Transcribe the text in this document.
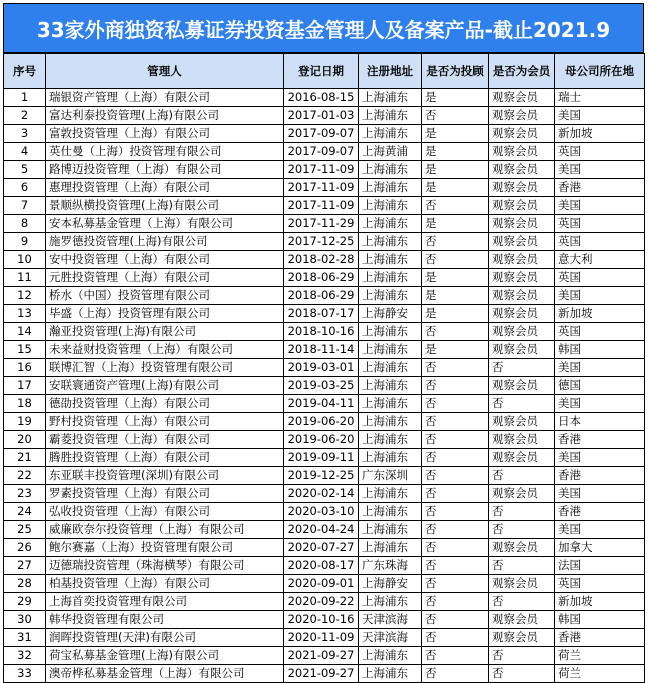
33家外商独资私募证券投资基金管理人及备案产品-截止2021.9
序号	管理人	登记日期	注册地址	是否为投顾	是否为会员	母公司所在地
1	瑞银资产管理（上海）有限公司	2016-08-15	上海浦东	是	观察会员	瑞士
2	富达利泰投资管理(上海)有限公司	2017-01-03	上海浦东	否	观察会员	美国
3	富敦投资管理（上海）有限公司	2017-09-07	上海浦东	是	观察会员	新加坡
4	英仕曼（上海）投资管理有限公司	2017-09-07	上海黄浦	是	观察会员	英国
5	路博迈投资管理（上海）有限公司	2017-11-09	上海浦东	是	观察会员	美国
6	惠理投资管理（上海）有限公司	2017-11-09	上海浦东	是	观察会员	香港
7	景顺纵横投资管理(上海)有限公司	2017-11-09	上海浦东	否	观察会员	美国
8	安本私募基金管理（上海）有限公司	2017-11-29	上海浦东	是	观察会员	英国
9	施罗德投资管理(上海)有限公司	2017-12-25	上海浦东	否	观察会员	英国
10	安中投资管理（上海）有限公司	2018-02-28	上海浦东	否	观察会员	意大利
11	元胜投资管理（上海）有限公司	2018-06-29	上海浦东	是	观察会员	英国
12	桥水（中国）投资管理有限公司	2018-06-29	上海浦东	是	观察会员	美国
13	毕盛（上海）投资管理有限公司	2018-07-17	上海静安	是	观察会员	新加坡
14	瀚亚投资管理(上海)有限公司	2018-10-16	上海浦东	否	观察会员	英国
15	未来益财投资管理（上海）有限公司	2018-11-14	上海浦东	是	观察会员	韩国
16	联博汇智（上海）投资管理有限公司	2019-03-01	上海浦东	否	否	美国
17	安联寰通资产管理(上海)有限公司	2019-03-25	上海浦东	否	观察会员	德国
18	德劭投资管理（上海）有限公司	2019-04-11	上海浦东	否	否	美国
19	野村投资管理（上海）有限公司	2019-06-20	上海浦东	否	观察会员	日本
20	霸菱投资管理（上海）有限公司	2019-06-20	上海浦东	否	观察会员	香港
21	腾胜投资管理（上海）有限公司	2019-09-11	上海浦东	否	观察会员	美国
22	东亚联丰投资管理(深圳)有限公司	2019-12-25	广东深圳	否	否	香港
23	罗素投资管理（上海）有限公司	2020-02-14	上海浦东	否	观察会员	美国
24	弘收投资管理（上海）有限公司	2020-03-10	上海浦东	否	否	香港
25	威廉欧奈尔投资管理（上海）有限公司	2020-04-24	上海浦东	否	否	美国
26	鲍尔赛嘉（上海）投资管理有限公司	2020-07-27	上海浦东	否	观察会员	加拿大
27	迈德瑞投资管理（珠海横琴）有限公司	2020-08-17	广东珠海	否	否	法国
28	柏基投资管理（上海）有限公司	2020-09-01	上海静安	否	观察会员	英国
29	上海首奕投资管理有限公司	2020-09-22	上海浦东	否	否	新加坡
30	韩华投资管理有限公司	2020-10-16	天津滨海	否	观察会员	韩国
31	润晖投资管理(天津)有限公司	2020-11-09	天津滨海	否	观察会员	香港
32	荷宝私募基金管理(上海)有限公司	2021-09-27	上海浦东	否	否	荷兰
33	澳帝桦私募基金管理（上海）有限公司	2021-09-27	上海浦东	否	否	荷兰
